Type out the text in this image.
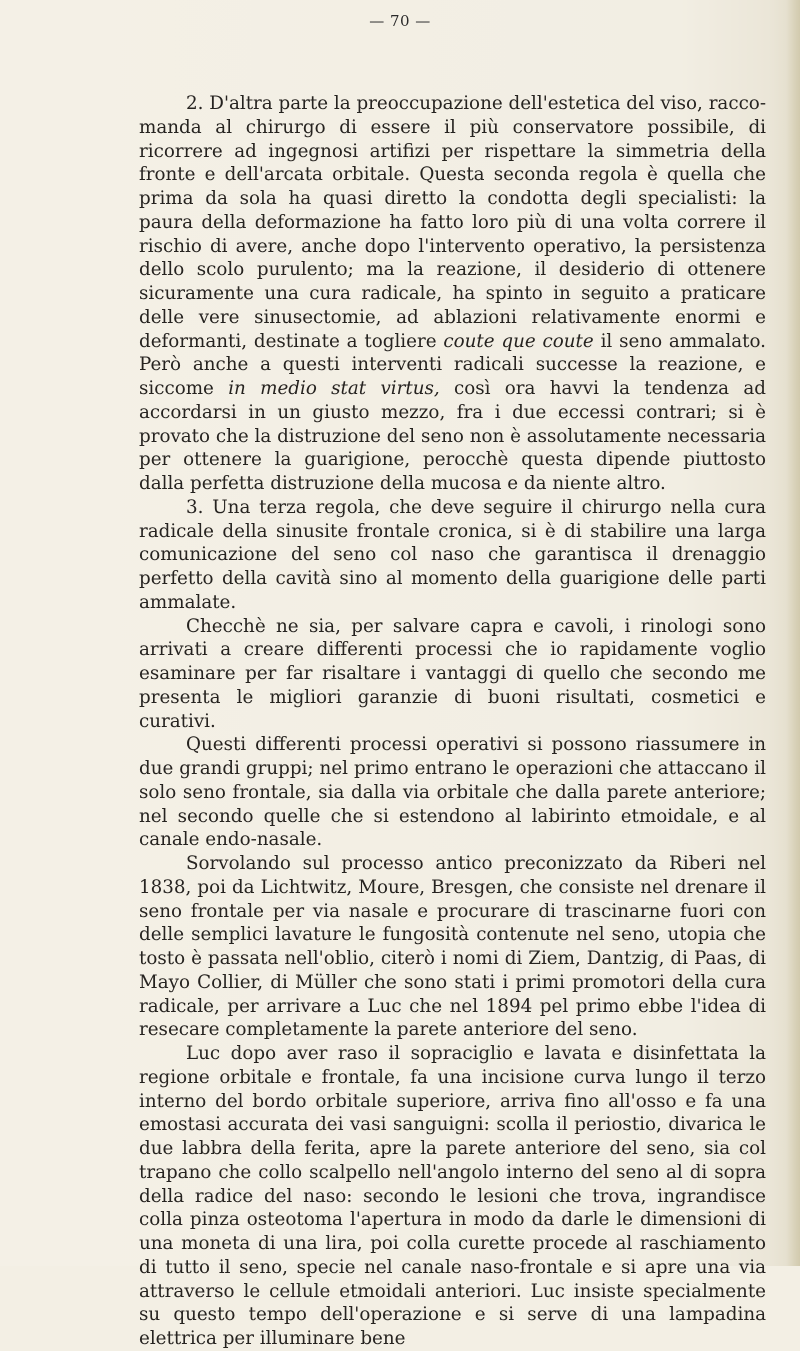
— 70 —

2. D'altra parte la preoccupazione dell'estetica del viso, raccomanda al chirurgo di essere il più conservatore possibile, di ricorrere ad ingegnosi artifizi per rispettare la simmetria della fronte e dell'arcata orbitale. Questa seconda regola è quella che prima da sola ha quasi diretto la condotta degli specialisti: la paura della deformazione ha fatto loro più di una volta correre il rischio di avere, anche dopo l'intervento operativo, la persistenza dello scolo purulento; ma la reazione, il desiderio di ottenere sicuramente una cura radicale, ha spinto in seguito a praticare delle vere sinusectomie, ad ablazioni relativamente enormi e deformanti, destinate a togliere coute que coute il seno ammalato. Però anche a questi interventi radicali successe la reazione, e siccome in medio stat virtus, così ora havvi la tendenza ad accordarsi in un giusto mezzo, fra i due eccessi contrari; si è provato che la distruzione del seno non è assolutamente necessaria per ottenere la guarigione, perocchè questa dipende piuttosto dalla perfetta distruzione della mucosa e da niente altro.

3. Una terza regola, che deve seguire il chirurgo nella cura radicale della sinusite frontale cronica, si è di stabilire una larga comunicazione del seno col naso che garantisca il drenaggio perfetto della cavità sino al momento della guarigione delle parti ammalate.

Checchè ne sia, per salvare capra e cavoli, i rinologi sono arrivati a creare differenti processi che io rapidamente voglio esaminare per far risaltare i vantaggi di quello che secondo me presenta le migliori garanzie di buoni risultati, cosmetici e curativi.

Questi differenti processi operativi si possono riassumere in due grandi gruppi; nel primo entrano le operazioni che attaccano il solo seno frontale, sia dalla via orbitale che dalla parete anteriore; nel secondo quelle che si estendono al labirinto etmoidale, e al canale endo-nasale.

Sorvolando sul processo antico preconizzato da Riberi nel 1838, poi da Lichtwitz, Moure, Bresgen, che consiste nel drenare il seno frontale per via nasale e procurare di trascinarne fuori con delle semplici lavature le fungosità contenute nel seno, utopia che tosto è passata nell'oblio, citerò i nomi di Ziem, Dantzig, di Paas, di Mayo Collier, di Müller che sono stati i primi promotori della cura radicale, per arrivare a Luc che nel 1894 pel primo ebbe l'idea di resecare completamente la parete anteriore del seno.

Luc dopo aver raso il sopraciglio e lavata e disinfettata la regione orbitale e frontale, fa una incisione curva lungo il terzo interno del bordo orbitale superiore, arriva fino all'osso e fa una emostasi accurata dei vasi sanguigni: scolla il periostio, divarica le due labbra della ferita, apre la parete anteriore del seno, sia col trapano che collo scalpello nell'angolo interno del seno al di sopra della radice del naso: secondo le lesioni che trova, ingrandisce colla pinza osteotoma l'apertura in modo da darle le dimensioni di una moneta di una lira, poi colla curette procede al raschiamento di tutto il seno, specie nel canale naso-frontale e si apre una via attraverso le cellule etmoidali anteriori. Luc insiste specialmente su questo tempo dell'operazione e si serve di una lampadina elettrica per illuminare bene
